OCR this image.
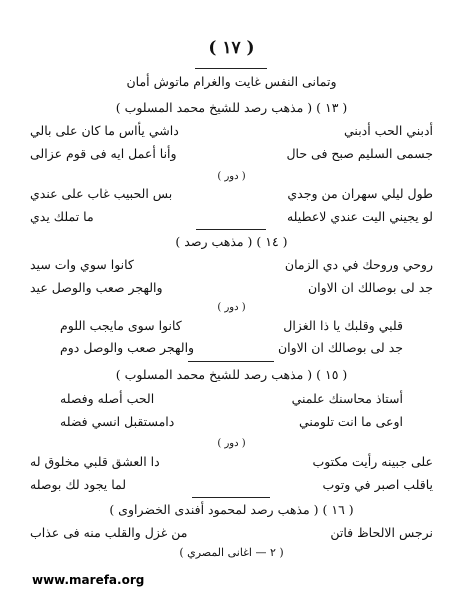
( ١٧ )
وتمانى النفس غايت والغرام ماتوش أمان
( ١٣ ) ( مذهب رصد للشيخ محمد المسلوب )
أدبني الحب أدبني
داشي يأاس ما كان على بالي
جسمى السليم صبح فى حال
وأنا أعمل ايه فى قوم عزالى
( دور )
طول ليلي سهران من وجدي
بس الحبيب غاب على عندي
لو يجيني اليت عندي لاعطيله
ما تملك يدي
( ١٤ ) ( مذهب رصد )
روحي وروحك في دي الزمان
كانوا سوي وات سيد
جد لى بوصالك ان الاوان
والهجر صعب والوصل عيد
( دور )
قلبي وقلبك يا ذا الغزال
كانوا سوى مايجب اللوم
جد لى بوصالك ان الاوان
والهجر صعب والوصل دوم
( ١٥ ) ( مذهب رصد للشيخ محمد المسلوب )
أستاذ محاسنك علمني
الحب أصله وفصله
اوعى ما انت تلومني
دامستقبل انسي فضله
( دور )
على جبينه رأيت مكتوب
دا العشق قلبي مخلوق له
ياقلب اصبر في وتوب
لما يجود لك بوصله
( ١٦ ) ( مذهب رصد لمحمود أفندى الخضراوى )
نرجس الالحاظ فاتن
من غزل والقلب منه فى عذاب
( ٢ — اغانى المصري )
www.marefa.org
